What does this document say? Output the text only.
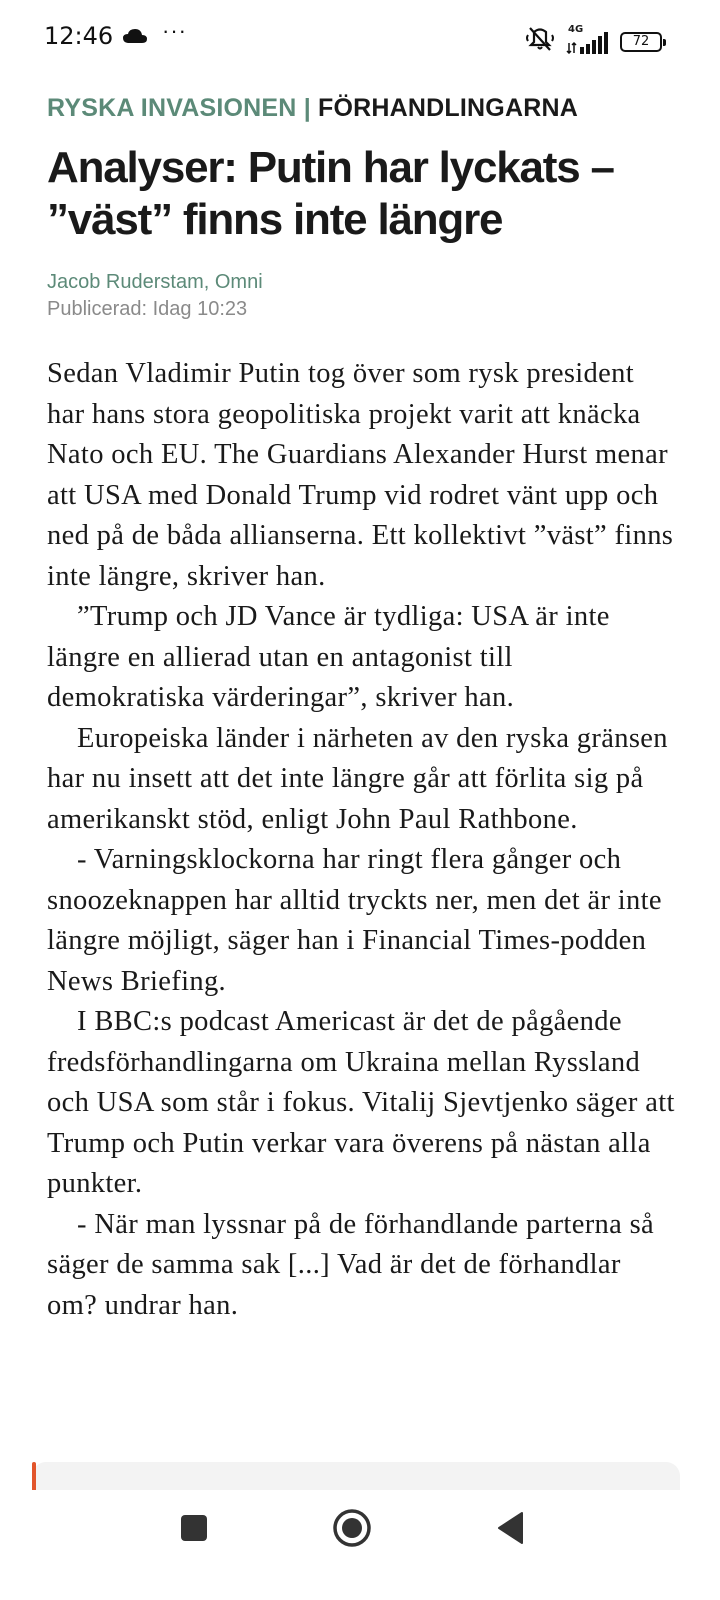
12:46 ···	4G
72
RYSKA INVASIONEN | FÖRHANDLINGARNA
Analyser: Putin har lyckats – ”väst” finns inte längre
Jacob Ruderstam, Omni
Publicerad: Idag 10:23

Sedan Vladimir Putin tog över som rysk president har hans stora geopolitiska projekt varit att knäcka Nato och EU. The Guardians Alexander Hurst menar att USA med Donald Trump vid rodret vänt upp och ned på de båda allianserna. Ett kollektivt ”väst” finns inte längre, skriver han.

”Trump och JD Vance är tydliga: USA är inte längre en allierad utan en antagonist till demokratiska värderingar”, skriver han.

Europeiska länder i närheten av den ryska gränsen har nu insett att det inte längre går att förlita sig på amerikanskt stöd, enligt John Paul Rathbone.

- Varningsklockorna har ringt flera gånger och snoozeknappen har alltid tryckts ner, men det är inte längre möjligt, säger han i Financial Times-podden News Briefing.

I BBC:s podcast Americast är det de pågående fredsförhandlingarna om Ukraina mellan Ryssland och USA som står i fokus. Vitalij Sjevtjenko säger att Trump och Putin verkar vara överens på nästan alla punkter.

- När man lyssnar på de förhandlande parterna så säger de samma sak [...] Vad är det de förhandlar om? undrar han.
